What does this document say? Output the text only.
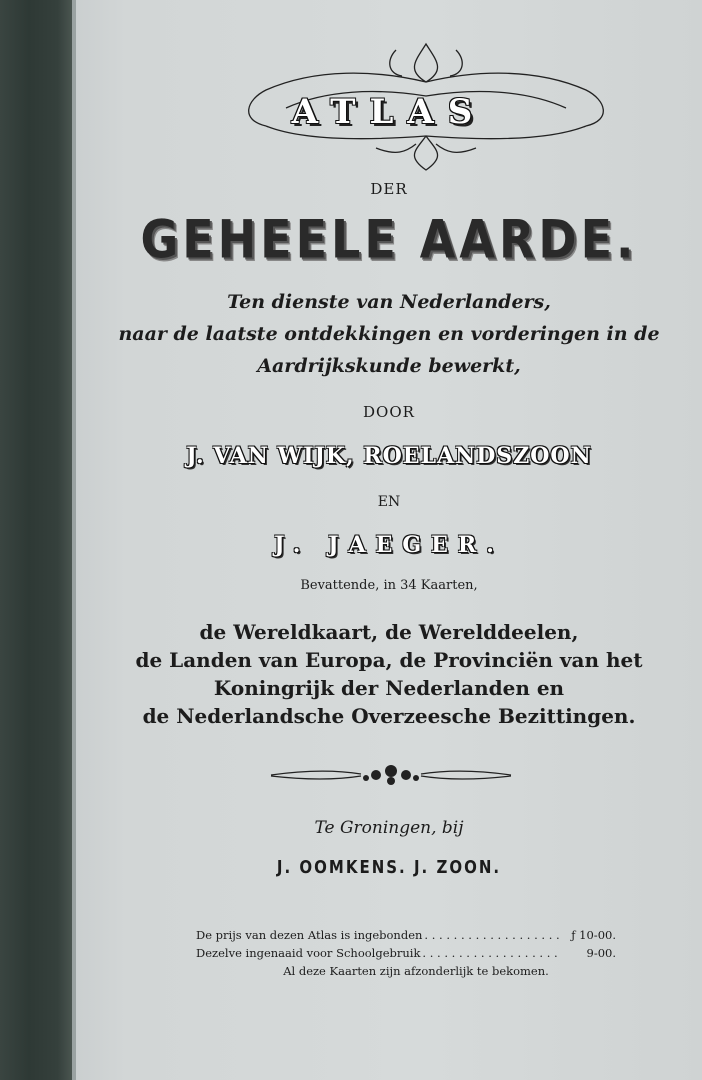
ATLAS
DER
GEHEELE AARDE.
Ten dienste van Nederlanders,
naar de laatste ontdekkingen en vorderingen in de
Aardrijkskunde bewerkt,
DOOR
J. VAN WIJK, ROELANDSZOON
EN
J. JAEGER.
Bevattende, in 34 Kaarten,
de Wereldkaart, de Werelddeelen,
de Landen van Europa, de Provinciën van het
Koningrijk der Nederlanden en
de Nederlandsche Overzeesche Bezittingen.
Te Groningen, bij
J. OOMKENS. J. ZOON.
De prijs van dezen Atlas is ingebonden . . . . . . . . . . . . . . . . . . .	ƒ 10-00.
Dezelve ingenaaid voor Schoolgebruik . . . . . . . . . . . . . . . . . . .	9-00.
Al deze Kaarten zijn afzonderlijk te bekomen.
